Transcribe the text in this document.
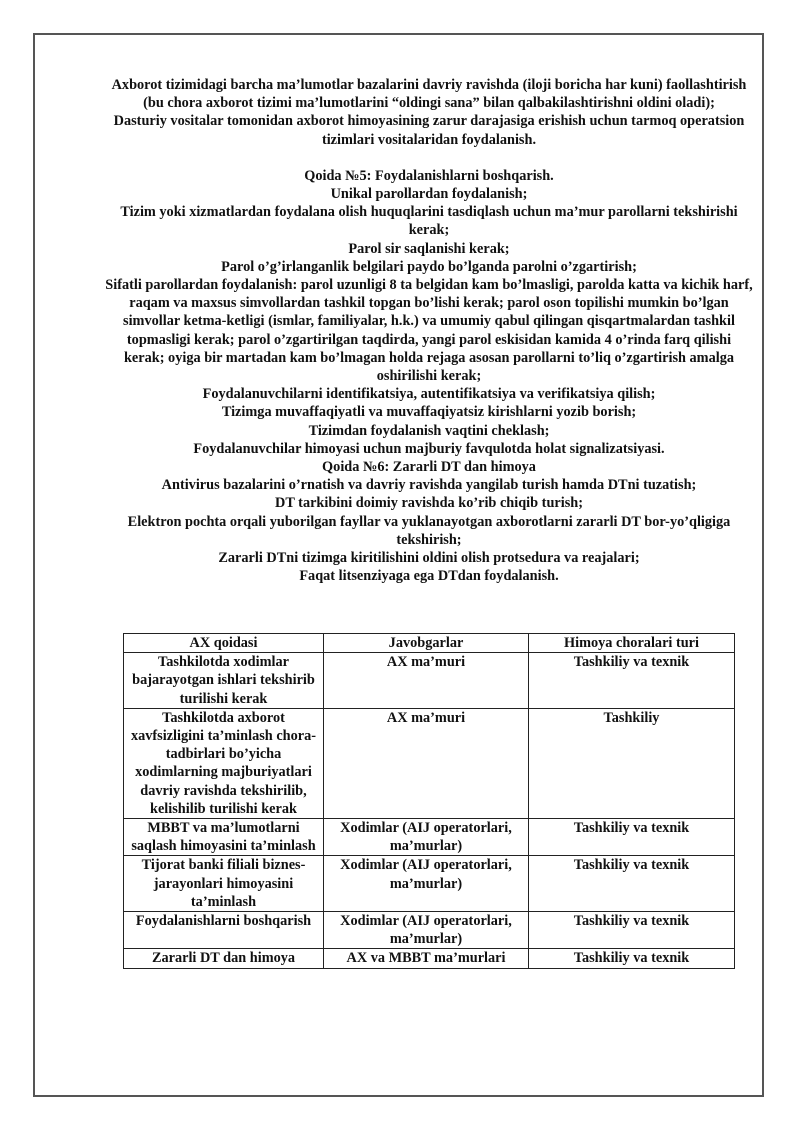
Axborot tizimidagi barcha ma’lumotlar bazalarini davriy ravishda (iloji boricha har kuni) faollashtirish (bu chora axborot tizimi ma’lumotlarini “oldingi sana” bilan qalbakilashtirishni oldini oladi);

Dasturiy vositalar tomonidan axborot himoyasining zarur darajasiga erishish uchun tarmoq operatsion tizimlari vositalaridan foydalanish.

Qoida №5: Foydalanishlarni boshqarish.

Unikal parollardan foydalanish;

Tizim yoki xizmatlardan foydalana olish huquqlarini tasdiqlash uchun ma’mur parollarni tekshirishi kerak;

Parol sir saqlanishi kerak;

Parol o’g’irlanganlik belgilari paydo bo’lganda parolni o’zgartirish;

Sifatli parollardan foydalanish: parol uzunligi 8 ta belgidan kam bo’lmasligi, parolda katta va kichik harf, raqam va maxsus simvollardan tashkil topgan bo’lishi kerak; parol oson topilishi mumkin bo’lgan simvollar ketma-ketligi (ismlar, familiyalar, h.k.) va umumiy qabul qilingan qisqartmalardan tashkil topmasligi kerak; parol o’zgartirilgan taqdirda, yangi parol eskisidan kamida 4 o’rinda farq qilishi kerak; oyiga bir martadan kam bo’lmagan holda rejaga asosan parollarni to’liq o’zgartirish amalga oshirilishi kerak;

Foydalanuvchilarni identifikatsiya, autentifikatsiya va verifikatsiya qilish;

Tizimga muvaffaqiyatli va muvaffaqiyatsiz kirishlarni yozib borish;

Tizimdan foydalanish vaqtini cheklash;

Foydalanuvchilar himoyasi uchun majburiy favqulotda holat signalizatsiyasi.

Qoida №6: Zararli DT dan himoya

Antivirus bazalarini o’rnatish va davriy ravishda yangilab turish hamda DTni tuzatish;

DT tarkibini doimiy ravishda ko’rib chiqib turish;

Elektron pochta orqali yuborilgan fayllar va yuklanayotgan axborotlarni zararli DT bor-yo’qligiga tekshirish;

Zararli DTni tizimga kiritilishini oldini olish protsedura va reajalari;

Faqat litsenziyaga ega DTdan foydalanish.

AX qoidasi	Javobgarlar	Himoya choralari turi
Tashkilotda xodimlar bajarayotgan ishlari tekshirib turilishi kerak	AX ma’muri	Tashkiliy va texnik
Tashkilotda axborot xavfsizligini ta’minlash chora-tadbirlari bo’yicha xodimlarning majburiyatlari davriy ravishda tekshirilib, kelishilib turilishi kerak	AX ma’muri	Tashkiliy
MBBT va ma’lumotlarni saqlash himoyasini ta’minlash	Xodimlar (AIJ operatorlari, ma’murlar)	Tashkiliy va texnik
Tijorat banki filiali biznes-jarayonlari himoyasini ta’minlash	Xodimlar (AIJ operatorlari, ma’murlar)	Tashkiliy va texnik
Foydalanishlarni boshqarish	Xodimlar (AIJ operatorlari, ma’murlar)	Tashkiliy va texnik
Zararli DT dan himoya	AX va MBBT ma’murlari	Tashkiliy va texnik
